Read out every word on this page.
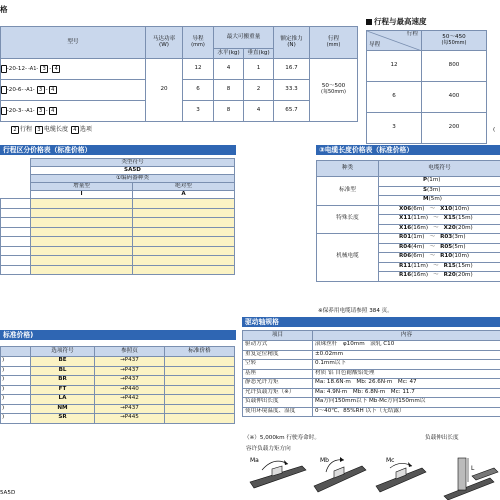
格
型号	马达功率
(W)	导程
(mm)	最大可搬重量		额定推力
(N)	行程
(mm)
			水平(kg)	垂直(kg)		
-20-12--A1- 3 - 4	20	12	4	1	16.7	50～500
(每50mm)
-20-6--A1- 3 - 4		6	8	2	33.3	
-20-3--A1- 3 - 4		3	8	4	65.7	
2 行程 3 电缆长度 4 选项
行程与最高速度
行程
导程	50～450
(每50mm)
12	800
6	400
3	200	(
行程区分价格表（标准价格）
类型符号	
SA5D	
①编码器种类	
增量型	绝对型
I	A

③电缆长度价格表（标准价格）
种类	电缆符号
标准型	P(1m)
	S(3m)
	M(5m)
特殊长度	X06(6m) ～ X10(10m)
	X11(11m) ～ X15(15m)
	X16(16m) ～ X20(20m)
机械电缆	R01(1m) ～ R03(3m)
	R04(4m) ～ R05(5m)
	R06(6m) ～ R10(10m)
	R11(11m) ～ R15(15m)
	R16(16m) ～ R20(20m)
※保养用电缆请参照 384 页。
标准价格)
	选项符号	参照页	标准价格
)	BE	→P437	
)	BL	→P437	
)	BR	→P437	
)	FT	→P440	
)	LA	→P442	
)	NM	→P437	
)	SR	→P445	
驱动轴规格
项目	内容
驱动方式	滚珠丝杆　φ10mm　滚轧 C10
重复定位精度	±0.02mm
空转	0.1mm以下
基座	材质 铝 自色耐酸铝处理
静态允许力矩	Ma: 18.6N·m　Mb: 26.6N·m　Mc: 47
允许负载力矩（※）	Ma: 4.9N·m　Mb: 6.8N·m　Mc: 11.7
负载伸出长度	Ma方向150mm以下 Mb·Mc方向150mm以
使用环境温度、湿度	0～40℃、85%RH 以下（无结露）
（※）5,000km 行驶寿命时。
容许负载力矩方向
负载伸出长度
Ma	Mb	Mc
L
5A5D
